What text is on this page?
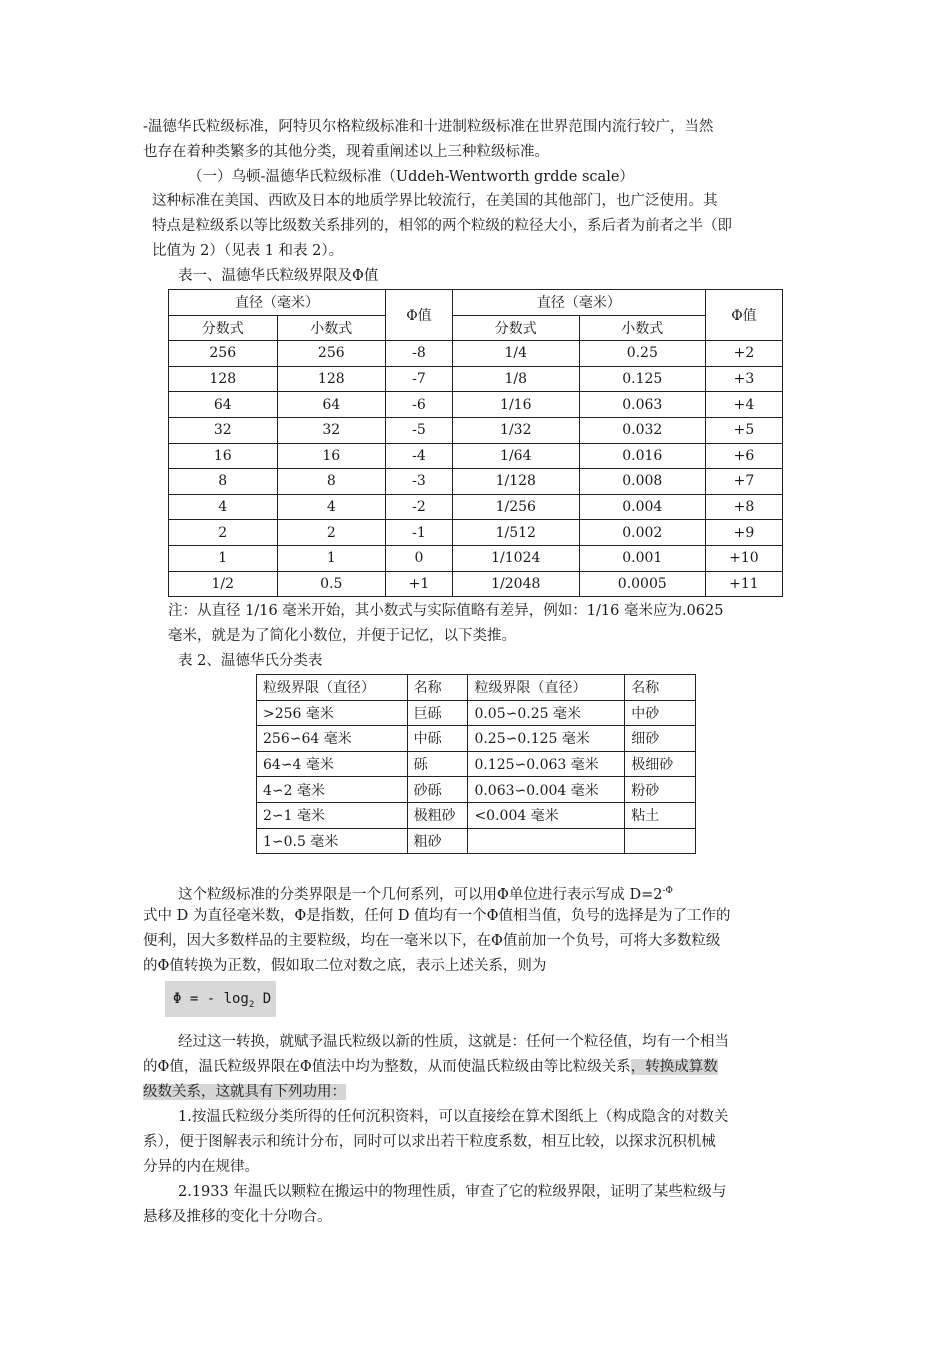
-温德华氏粒级标准，阿特贝尔格粒级标准和十进制粒级标准在世界范围内流行较广，当然
也存在着种类繁多的其他分类，现着重阐述以上三种粒级标准。
（一）乌顿-温德华氏粒级标准（Uddeh-Wentworth grdde scale）
这种标准在美国、西欧及日本的地质学界比较流行，在美国的其他部门，也广泛使用。其
特点是粒级系以等比级数关系排列的，相邻的两个粒级的粒径大小，系后者为前者之半（即
比值为 2）（见表 1 和表 2）。
表一、温德华氏粒级界限及Φ值
直径（毫米）		Φ值	直径（毫米）		Φ值
分数式	小数式		分数式	小数式	
256	256	-8	1/4	0.25	+2
128	128	-7	1/8	0.125	+3
64	64	-6	1/16	0.063	+4
32	32	-5	1/32	0.032	+5
16	16	-4	1/64	0.016	+6
8	8	-3	1/128	0.008	+7
4	4	-2	1/256	0.004	+8
2	2	-1	1/512	0.002	+9
1	1	0	1/1024	0.001	+10
1/2	0.5	+1	1/2048	0.0005	+11
注：从直径 1/16 毫米开始，其小数式与实际值略有差异，例如：1/16 毫米应为.0625
毫米，就是为了简化小数位，并便于记忆，以下类推。
表 2、温德华氏分类表
粒级界限（直径）	名称	粒级界限（直径）	名称
>256 毫米	巨砾	0.05∽0.25 毫米	中砂
256∽64 毫米	中砾	0.25∽0.125 毫米	细砂
64∽4 毫米	砾	0.125∽0.063 毫米	极细砂
4∽2 毫米	砂砾	0.063∽0.004 毫米	粉砂
2∽1 毫米	极粗砂	<0.004 毫米	粘土
1∽0.5 毫米	粗砂		
这个粒级标准的分类界限是一个几何系列，可以用Φ单位进行表示写成 $D=2^{-\Phi}$
式中 D 为直径毫米数，Φ是指数，任何 D 值均有一个Φ值相当值，负号的选择是为了工作的
便利，因大多数样品的主要粒级，均在一毫米以下，在Φ值前加一个负号，可将大多数粒级
的Φ值转换为正数，假如取二位对数之底，表示上述关系，则为
Φ = - $\log_2 D$
经过这一转换，就赋予温氏粒级以新的性质，这就是：任何一个粒径值，均有一个相当
的Φ值，温氏粒级界限在Φ值法中均为整数，从而使温氏粒级由等比粒级关系，转换成算数
级数关系，这就具有下列功用：
1.按温氏粒级分类所得的任何沉积资料，可以直接绘在算术图纸上（构成隐含的对数关
系），便于图解表示和统计分布，同时可以求出若干粒度系数，相互比较，以探求沉积机械
分异的内在规律。
2.1933 年温氏以颗粒在搬运中的物理性质，审查了它的粒级界限，证明了某些粒级与
悬移及推移的变化十分吻合。
